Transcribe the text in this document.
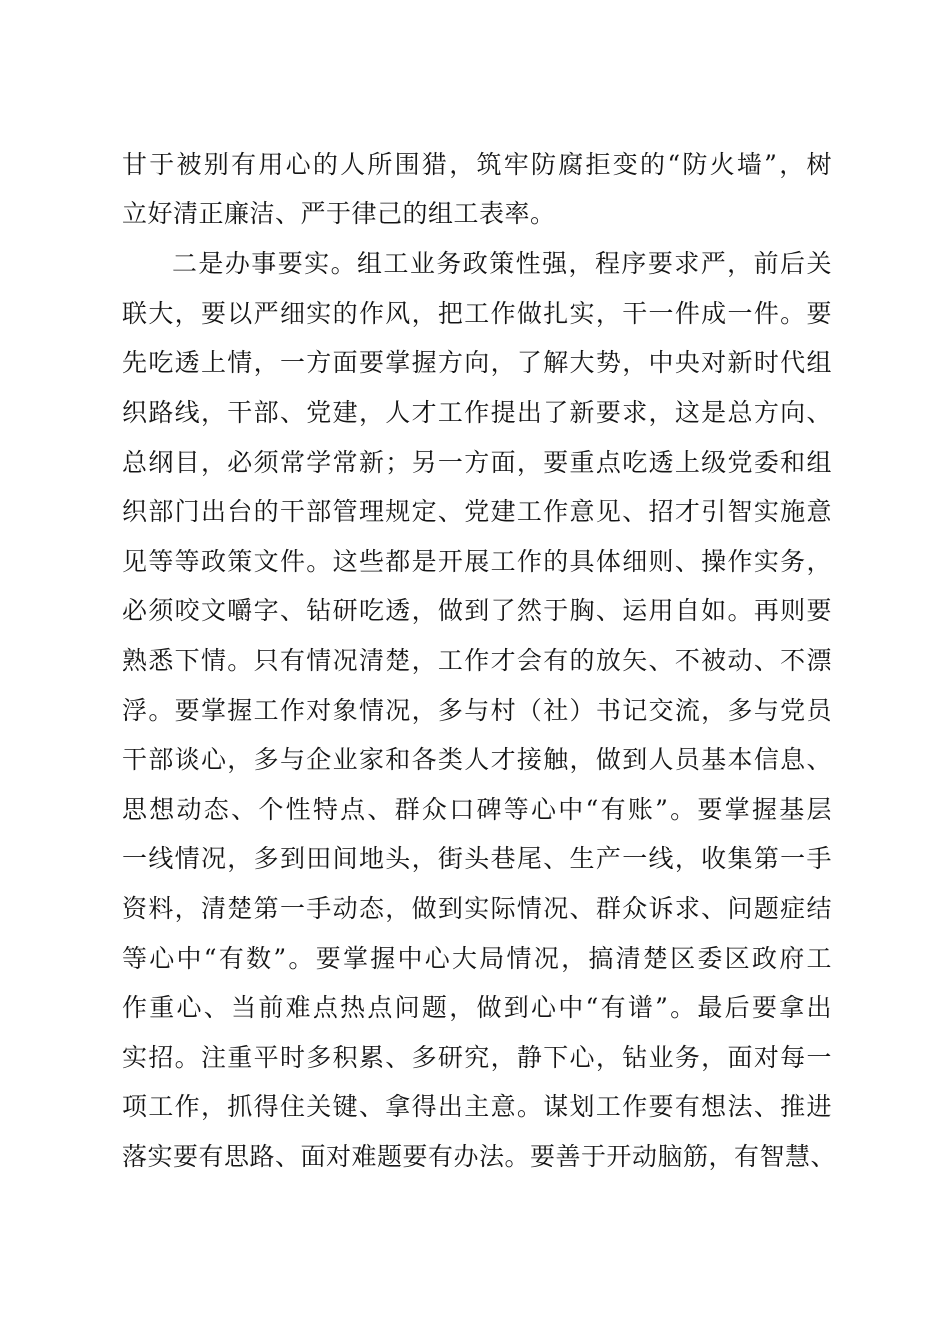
甘于被别有用心的人所围猎，筑牢防腐拒变的“防火墙”，树
立好清正廉洁、严于律己的组工表率。
二是办事要实。组工业务政策性强，程序要求严，前后关
联大，要以严细实的作风，把工作做扎实，干一件成一件。要
先吃透上情，一方面要掌握方向，了解大势，中央对新时代组
织路线，干部、党建，人才工作提出了新要求，这是总方向、
总纲目，必须常学常新；另一方面，要重点吃透上级党委和组
织部门出台的干部管理规定、党建工作意见、招才引智实施意
见等等政策文件。这些都是开展工作的具体细则、操作实务，
必须咬文嚼字、钻研吃透，做到了然于胸、运用自如。再则要
熟悉下情。只有情况清楚，工作才会有的放矢、不被动、不漂
浮。要掌握工作对象情况，多与村（社）书记交流，多与党员
干部谈心，多与企业家和各类人才接触，做到人员基本信息、
思想动态、个性特点、群众口碑等心中“有账”。要掌握基层
一线情况，多到田间地头，街头巷尾、生产一线，收集第一手
资料，清楚第一手动态，做到实际情况、群众诉求、问题症结
等心中“有数”。要掌握中心大局情况，搞清楚区委区政府工
作重心、当前难点热点问题，做到心中“有谱”。最后要拿出
实招。注重平时多积累、多研究，静下心，钻业务，面对每一
项工作，抓得住关键、拿得出主意。谋划工作要有想法、推进
落实要有思路、面对难题要有办法。要善于开动脑筋，有智慧、
